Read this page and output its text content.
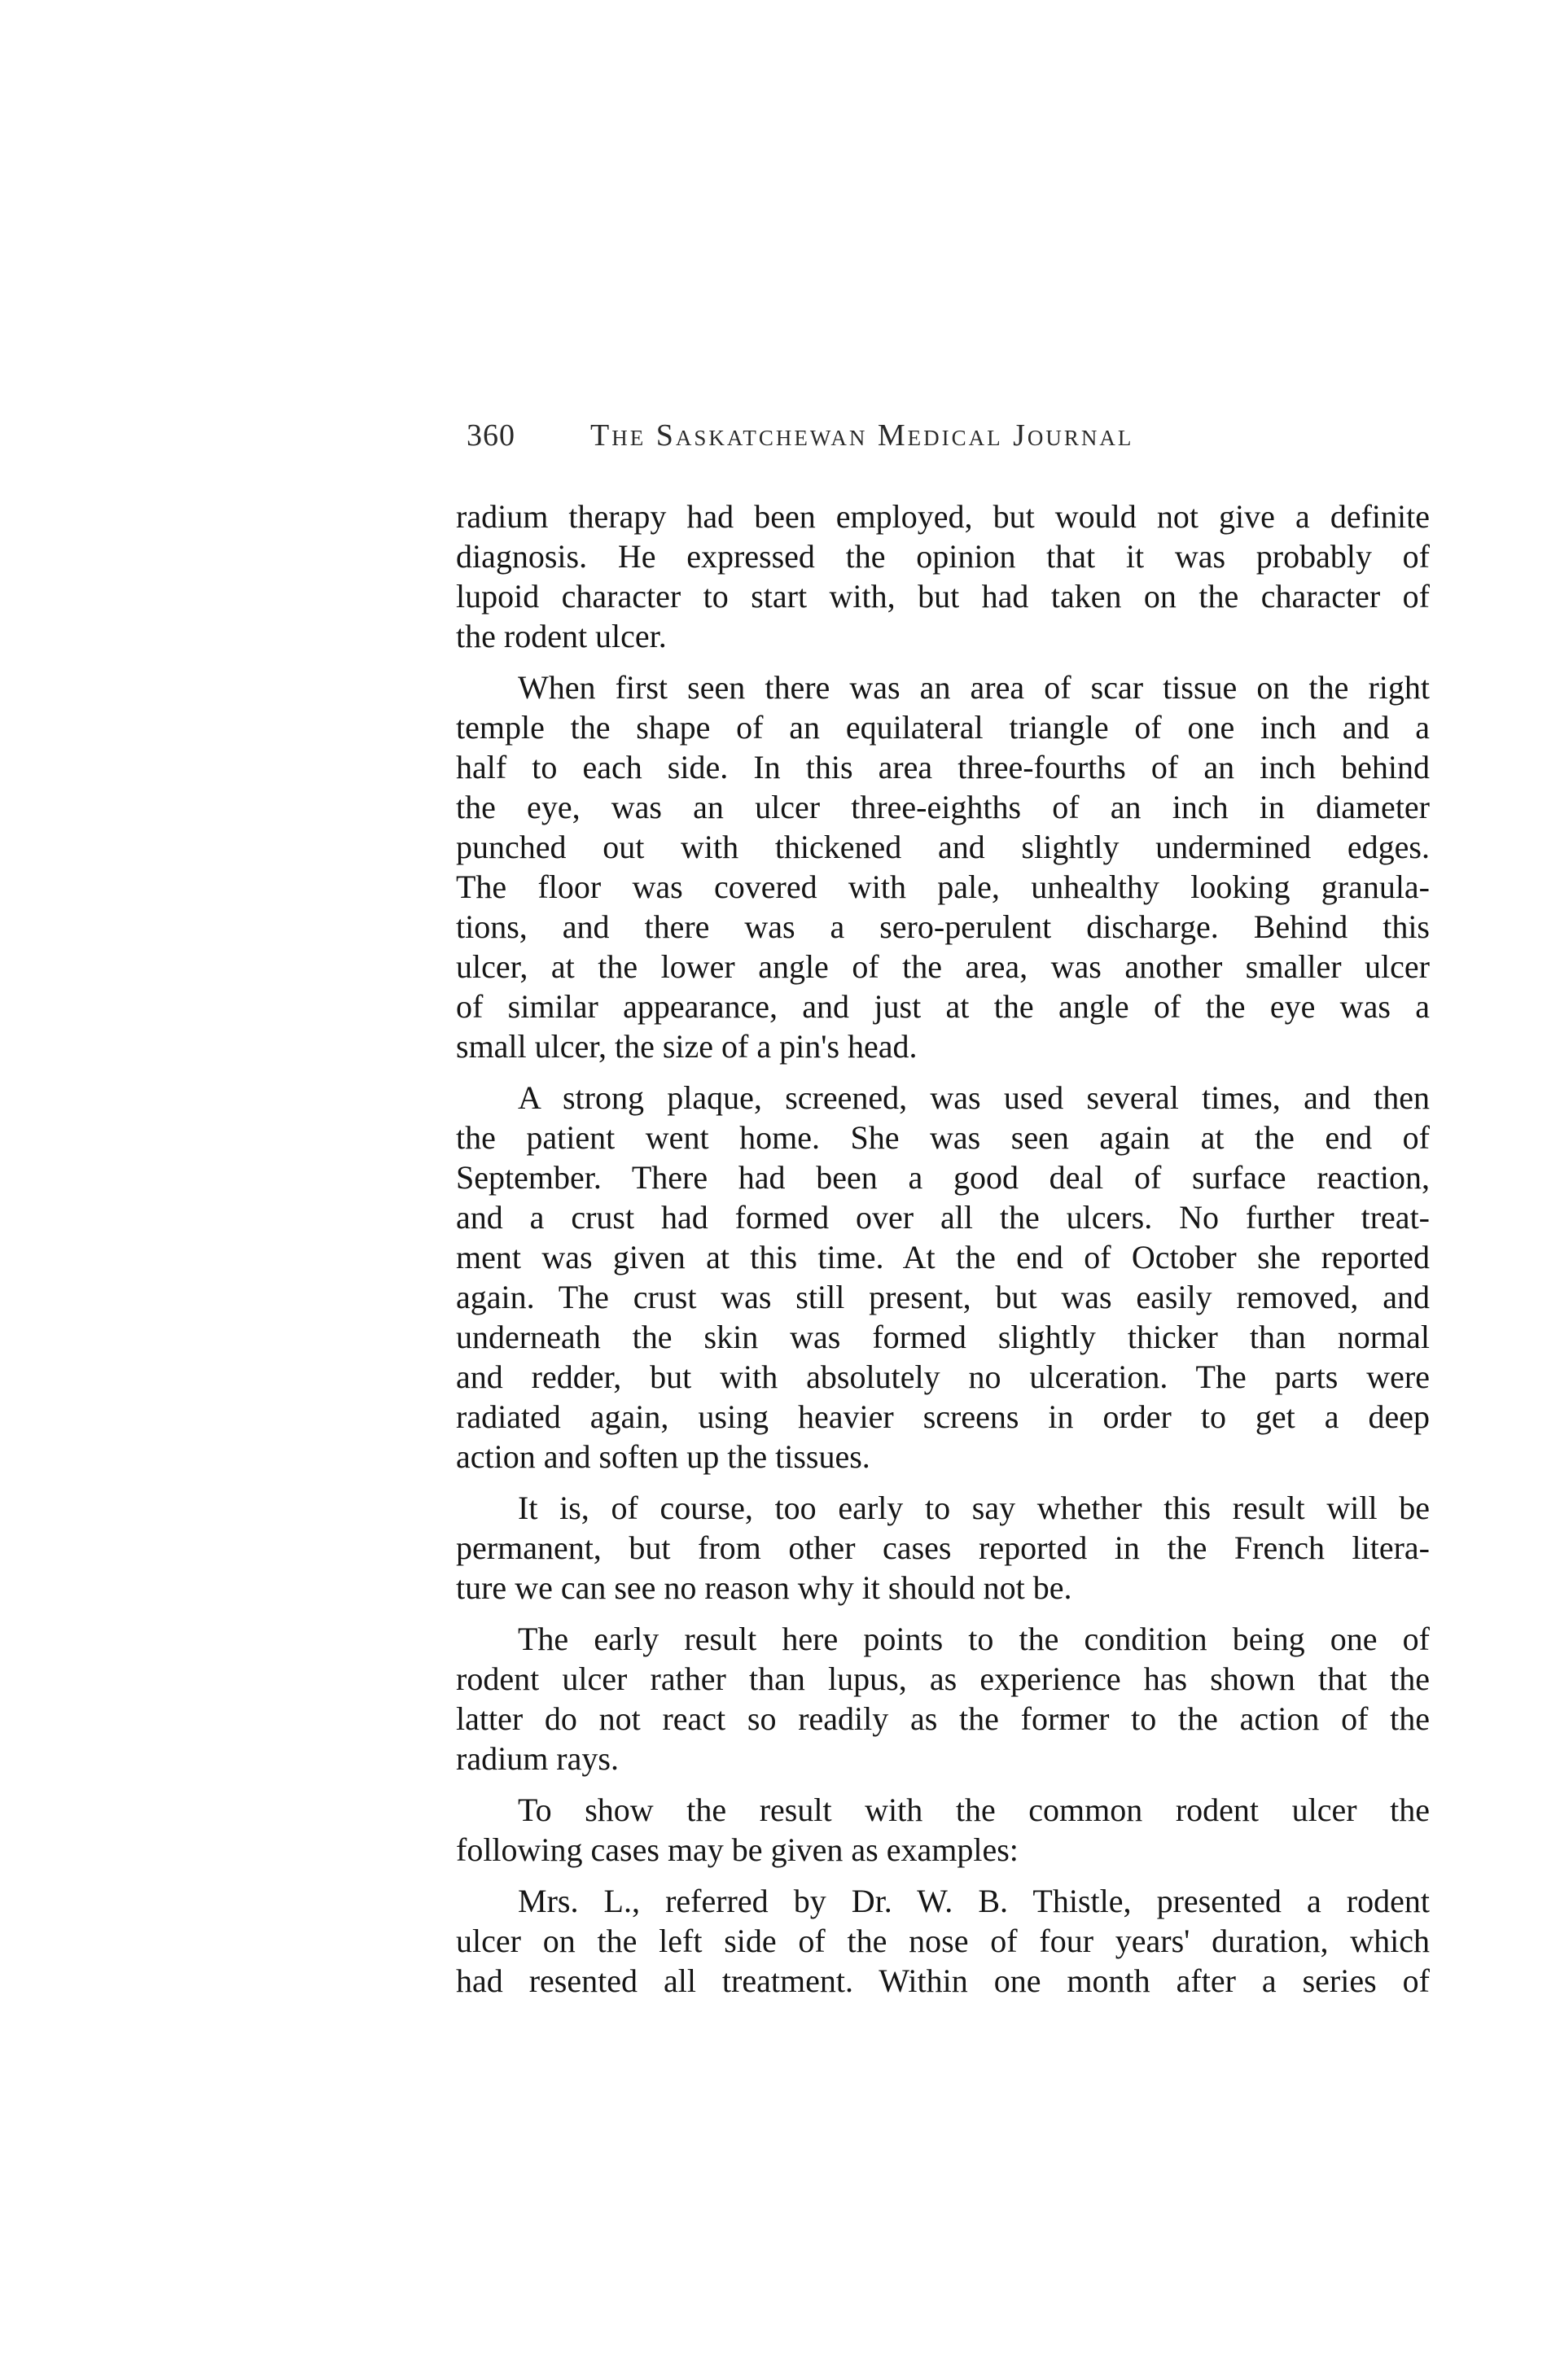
360 The Saskatchewan Medical Journal
radium therapy had been employed, but would not give a definite
diagnosis. He expressed the opinion that it was probably of
lupoid character to start with, but had taken on the character of
the rodent ulcer.
When first seen there was an area of scar tissue on the right
temple the shape of an equilateral triangle of one inch and a
half to each side. In this area three-fourths of an inch behind
the eye, was an ulcer three-eighths of an inch in diameter
punched out with thickened and slightly undermined edges.
The floor was covered with pale, unhealthy looking granula-
tions, and there was a sero-perulent discharge. Behind this
ulcer, at the lower angle of the area, was another smaller ulcer
of similar appearance, and just at the angle of the eye was a
small ulcer, the size of a pin's head.
A strong plaque, screened, was used several times, and then
the patient went home. She was seen again at the end of
September. There had been a good deal of surface reaction,
and a crust had formed over all the ulcers. No further treat-
ment was given at this time. At the end of October she reported
again. The crust was still present, but was easily removed, and
underneath the skin was formed slightly thicker than normal
and redder, but with absolutely no ulceration. The parts were
radiated again, using heavier screens in order to get a deep
action and soften up the tissues.
It is, of course, too early to say whether this result will be
permanent, but from other cases reported in the French litera-
ture we can see no reason why it should not be.
The early result here points to the condition being one of
rodent ulcer rather than lupus, as experience has shown that the
latter do not react so readily as the former to the action of the
radium rays.
To show the result with the common rodent ulcer the
following cases may be given as examples:
Mrs. L., referred by Dr. W. B. Thistle, presented a rodent
ulcer on the left side of the nose of four years' duration, which
had resented all treatment. Within one month after a series of
